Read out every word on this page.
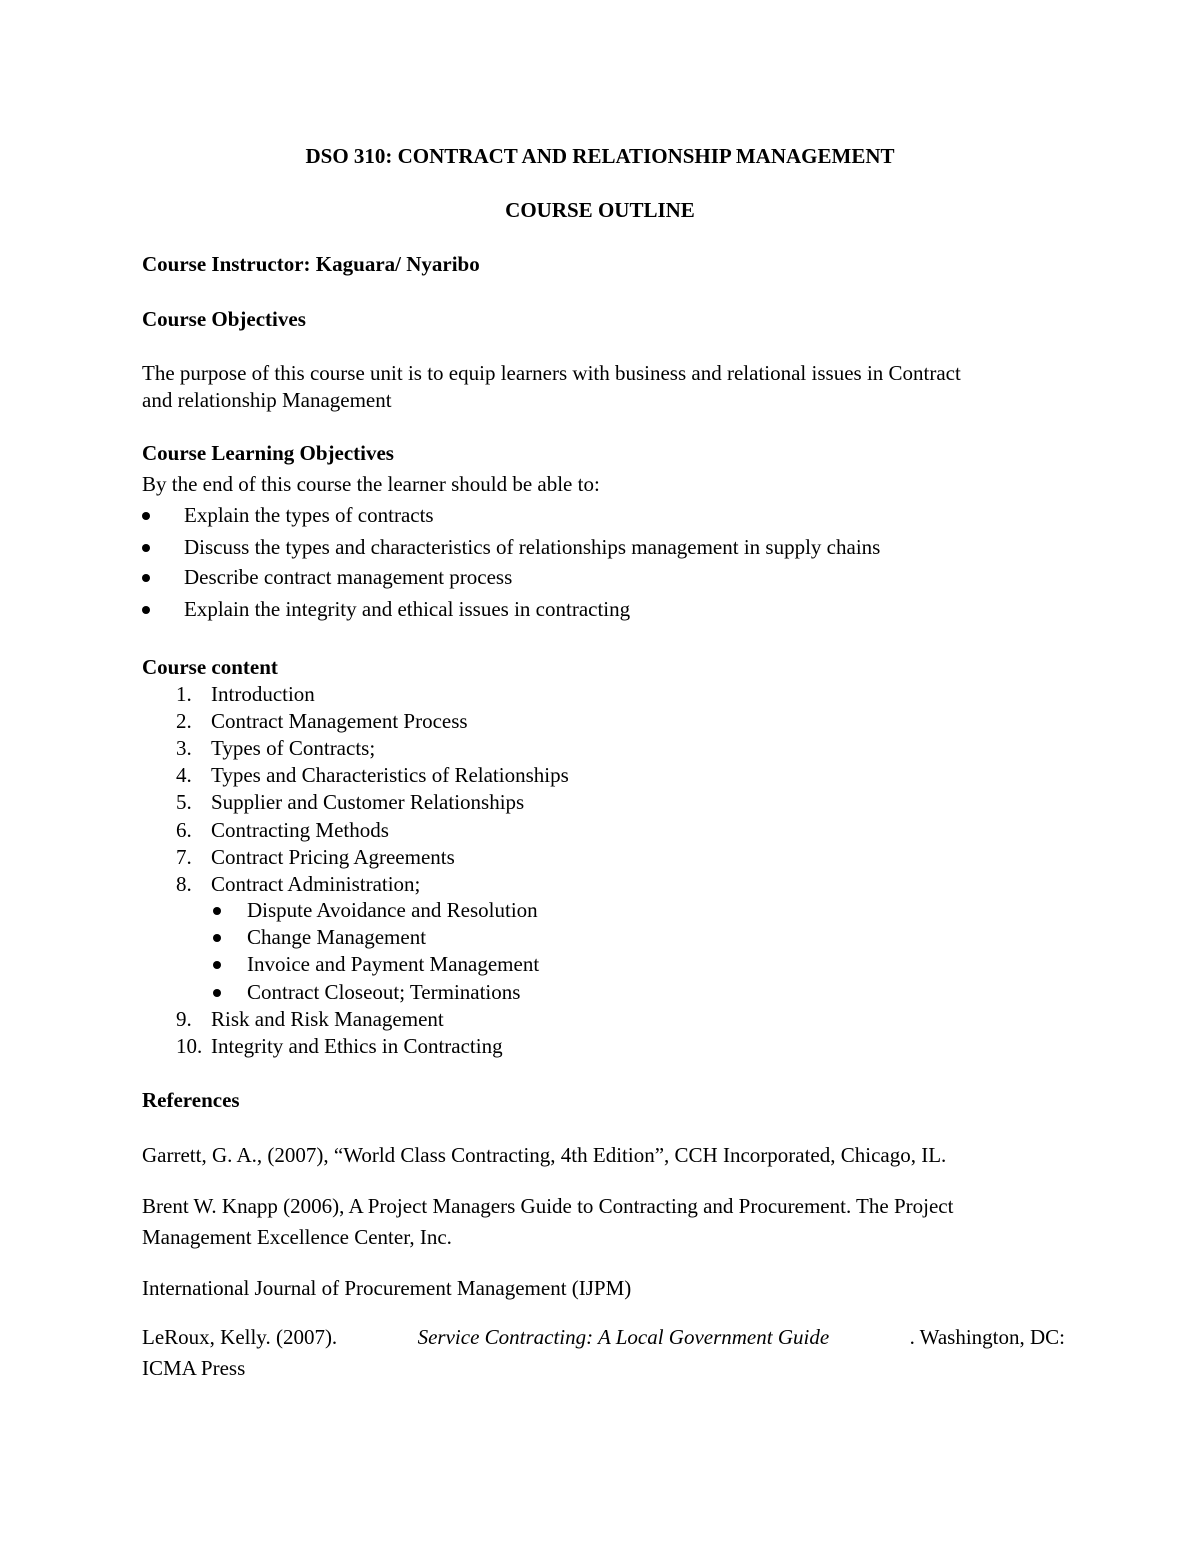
DSO 310: CONTRACT AND RELATIONSHIP MANAGEMENT
COURSE OUTLINE
Course Instructor: Kaguara/ Nyaribo
Course Objectives
The purpose of this course unit is to equip learners with business and relational issues in Contract
and relationship Management
Course Learning Objectives
By the end of this course the learner should be able to:
Explain the types of contracts
Discuss the types and characteristics of relationships management in supply chains
Describe contract management process
Explain the integrity and ethical issues in contracting
Course content
1. Introduction
2. Contract Management Process
3. Types of Contracts;
4. Types and Characteristics of Relationships
5. Supplier and Customer Relationships
6. Contracting Methods
7. Contract Pricing Agreements
8. Contract Administration;
Dispute Avoidance and Resolution
Change Management
Invoice and Payment Management
Contract Closeout; Terminations
9. Risk and Risk Management
10. Integrity and Ethics in Contracting
References
Garrett, G. A., (2007), “World Class Contracting, 4th Edition”, CCH Incorporated, Chicago, IL.
Brent W. Knapp (2006), A Project Managers Guide to Contracting and Procurement. The Project
Management Excellence Center, Inc.
International Journal of Procurement Management (IJPM)
LeRoux, Kelly. (2007).	Service Contracting: A Local Government Guide	. Washington, DC:
ICMA Press
